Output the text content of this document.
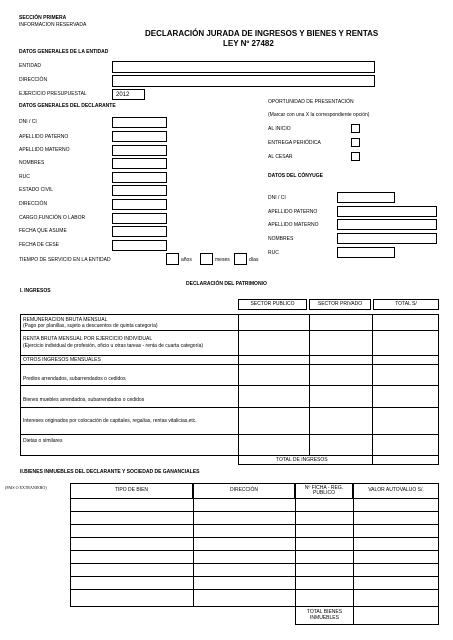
SECCIÓN PRIMERA
INFORMACION RESERVADA
DECLARACIÓN JURADA DE INGRESOS Y BIENES Y RENTAS
LEY Nº 27482
DATOS GENERALES DE LA ENTIDAD
ENTIDAD
DIRECCIÓN
EJERCICIO PRESUPUESTAL	2012
DATOS GENERALES DEL DECLARANTE
DNI / CI
APELLIDO PATERNO
APELLIDO MATERNO
NOMBRES
RUC
ESTADO CIVIL
DIRECCIÓN
CARGO,FUNCIÓN O LABOR
FECHA QUE ASUME
FECHA DE CESE
TIEMPO DE SERVICIO EN LA ENTIDAD	años	meses	días
OPORTUNIDAD DE PRESENTACIÓN
(Marcar con una X la correspondiente opción)
AL INICIO
ENTREGA PERIÓDICA
AL CESAR
DATOS DEL CÓNYUGE
DNI / CI
APELLIDO PATERNO
APELLIDO MATERNO
NOMBRES
RUC
DECLARACIÓN DEL PATRIMONIO
I. INGRESOS
SECTOR PUBLICO	SECTOR PRIVADO	TOTAL S/
REMUNERACION BRUTA MENSUAL
(Pago por planillas, sujeto a descuentos de quinta categoría)
RENTA BRUTA MENSUAL POR EJERCICIO INDIVIDUAL
(Ejercicio individual de profesión, oficio u otras tareas - renta de cuarta categoría)
OTROS INGRESOS MENSUALES
Predios arrendados, subarrendados o cedidos
Bienes muebles arrendados, subarrendados o cedidos
Intereses originados por colocación de capitales, regalías, rentas vitalicias,etc.
Dietas o similares
TOTAL DE INGRESOS
II.BIENES INMUEBLES DEL DECLARANTE Y SOCIEDAD DE GANANCIALES
(PAIS O EXTRANJERO)	TIPO DE BIEN	DIRECCIÓN	Nº FICHA - REG. PUBLICO	VALOR AUTOVALUO S/.
TOTAL BIENES INMUEBLES
